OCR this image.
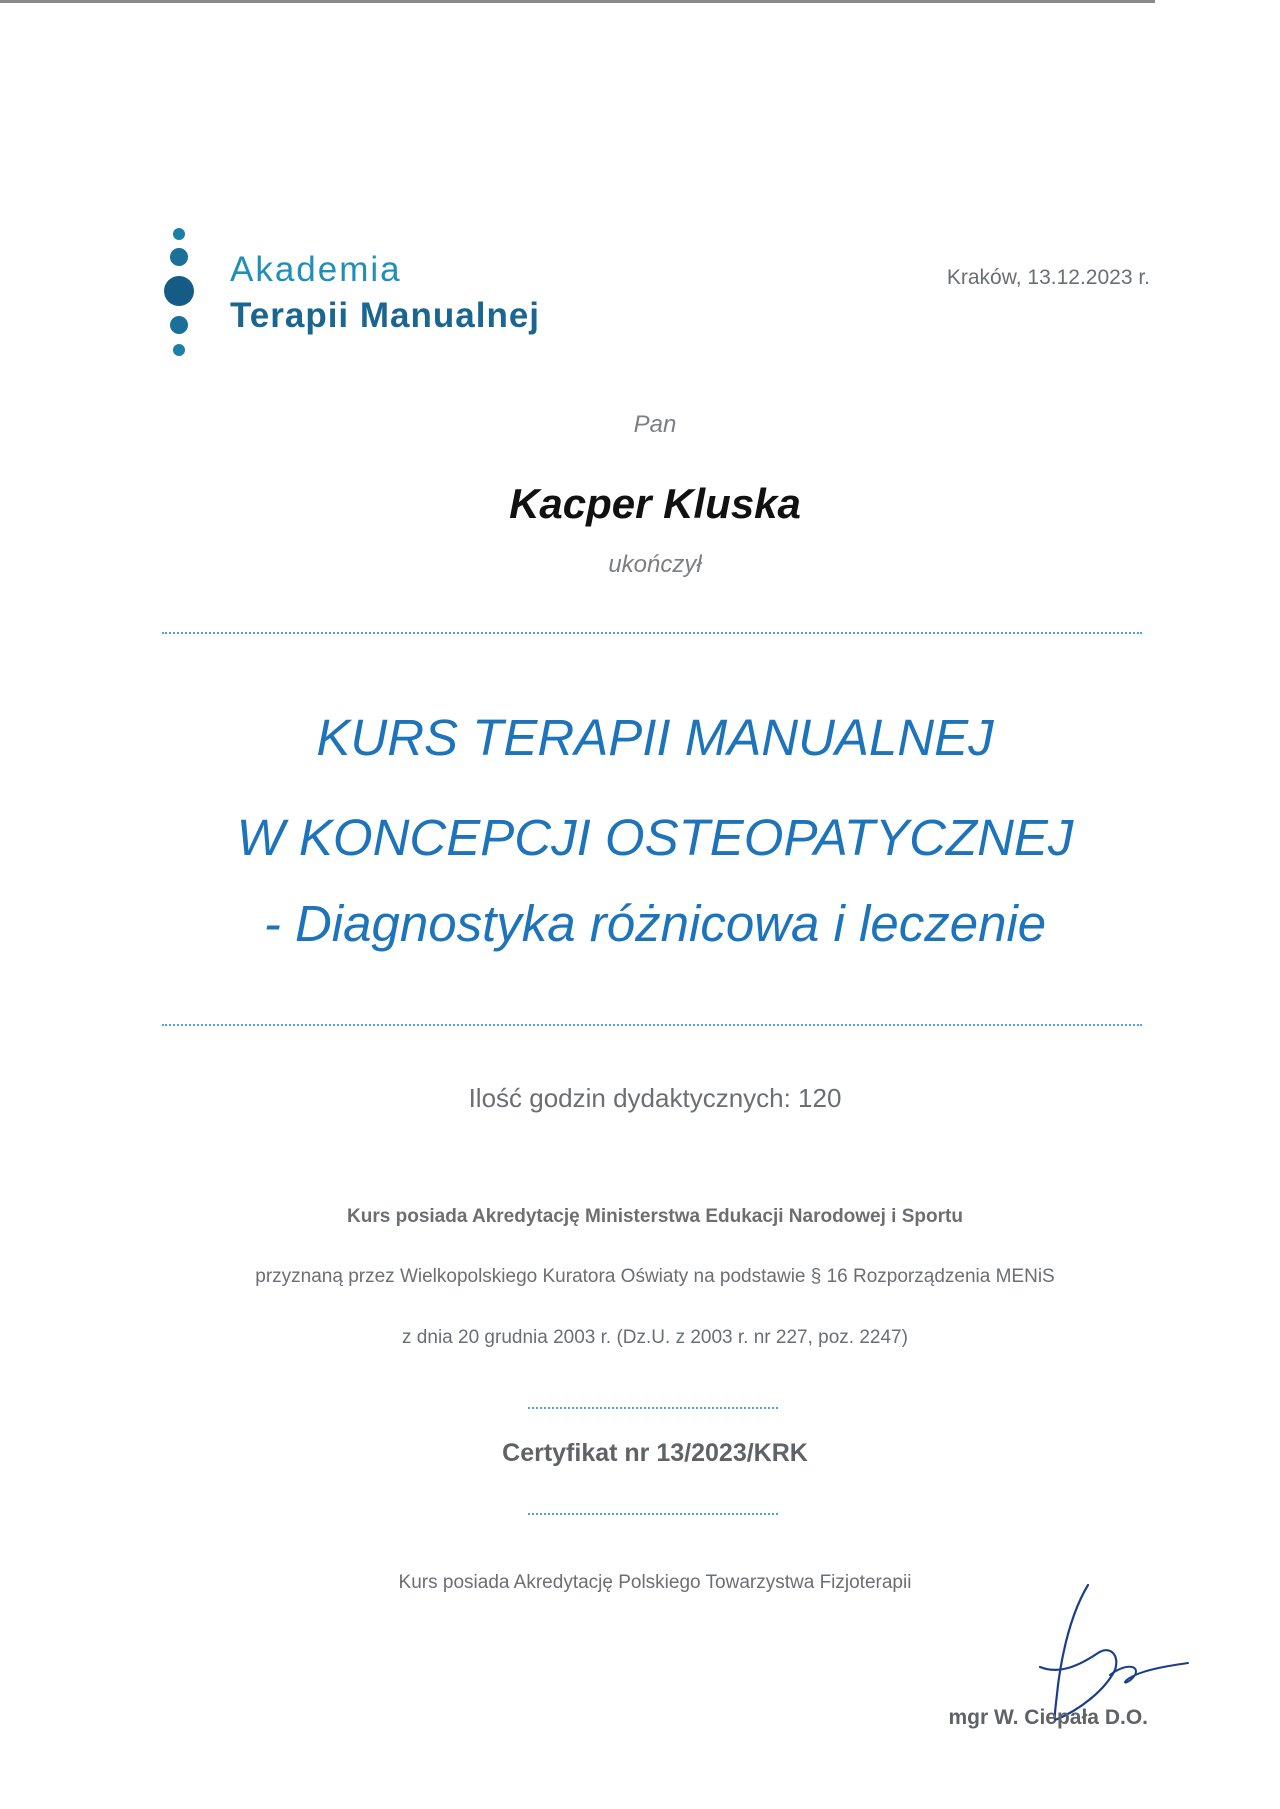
Akademia
Terapii Manualnej
Kraków, 13.12.2023 r.
Pan
Kacper Kluska
ukończył
KURS TERAPII MANUALNEJ
W KONCEPCJI OSTEOPATYCZNEJ
- Diagnostyka różnicowa i leczenie
Ilość godzin dydaktycznych: 120
Kurs posiada Akredytację Ministerstwa Edukacji Narodowej i Sportu
przyznaną przez Wielkopolskiego Kuratora Oświaty na podstawie § 16 Rozporządzenia MENiS
z dnia 20 grudnia 2003 r. (Dz.U. z 2003 r. nr 227, poz. 2247)
Certyfikat nr 13/2023/KRK
Kurs posiada Akredytację Polskiego Towarzystwa Fizjoterapii
mgr W. Ciepała D.O.
